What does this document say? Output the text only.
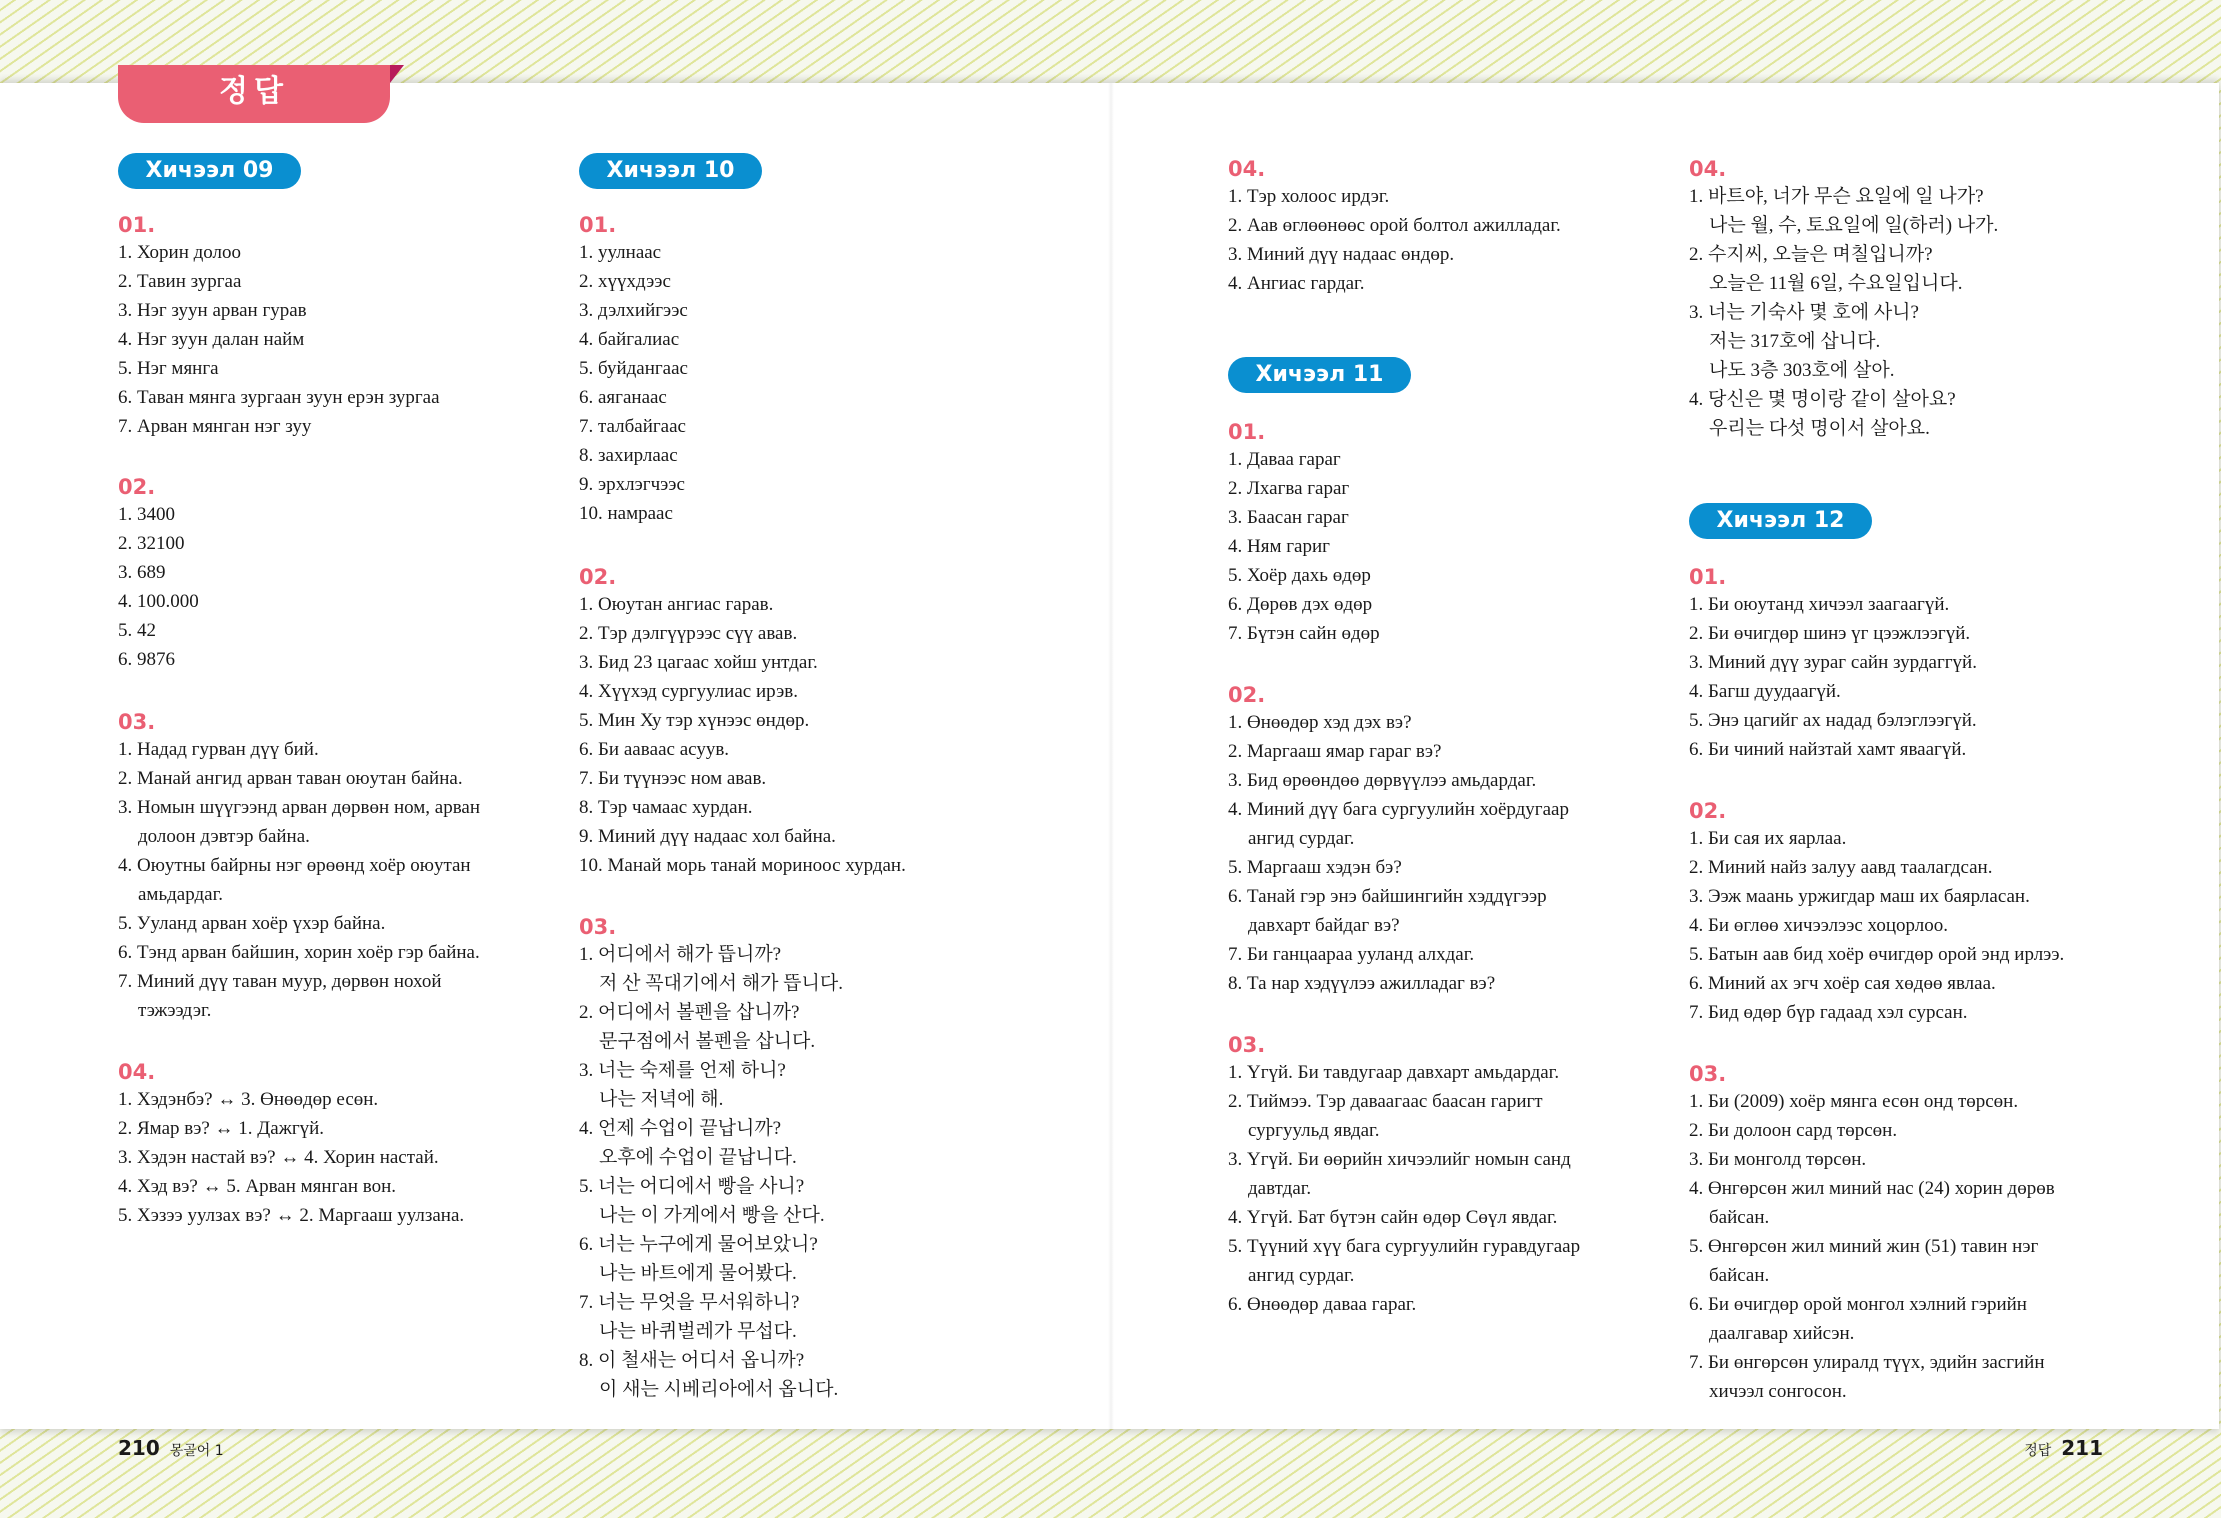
정답
Хичээл 09
01.
1. Хорин долоо
2. Тавин зургаа
3. Нэг зуун арван гурав
4. Нэг зуун далан найм
5. Нэг мянга
6. Таван мянга зургаан зуун ерэн зургаа
7. Арван мянган нэг зуу
02.
1. 3400
2. 32100
3. 689
4. 100.000
5. 42
6. 9876
03.
1. Надад гурван дүү бий.
2. Манай ангид арван таван оюутан байна.
3. Номын шүүгээнд арван дөрвөн ном, арван
долоон дэвтэр байна.
4. Оюутны байрны нэг өрөөнд хоёр оюутан
амьдардаг.
5. Ууланд арван хоёр үхэр байна.
6. Тэнд арван байшин, хорин хоёр гэр байна.
7. Миний дүү таван муур, дөрвөн нохой
тэжээдэг.
04.
1. Хэдэнбэ? ↔ 3. Өнөөдөр есөн.
2. Ямар вэ? ↔ 1. Дажгүй.
3. Хэдэн настай вэ? ↔ 4. Хорин настай.
4. Хэд вэ? ↔ 5. Арван мянган вон.
5. Хэзээ уулзах вэ? ↔ 2. Маргааш уулзана.
Хичээл 10
01.
1. уулнаас
2. хүүхдээс
3. дэлхийгээс
4. байгалиас
5. буйдангаас
6. аяганаас
7. талбайгаас
8. захирлаас
9. эрхлэгчээс
10. намраас
02.
1. Оюутан ангиас гарав.
2. Тэр дэлгүүрээс сүү авав.
3. Бид 23 цагаас хойш унтдаг.
4. Хүүхэд сургуулиас ирэв.
5. Мин Ху тэр хүнээс өндөр.
6. Би аавaас асуув.
7. Би түүнээс ном авав.
8. Тэр чамаас хурдан.
9. Миний дүү надаас хол байна.
10. Манай морь танай мориноос хурдан.
03.
1. 어디에서 해가 뜹니까?
저 산 꼭대기에서 해가 뜹니다.
2. 어디에서 볼펜을 삽니까?
문구점에서 볼펜을 삽니다.
3. 너는 숙제를 언제 하니?
나는 저녁에 해.
4. 언제 수업이 끝납니까?
오후에 수업이 끝납니다.
5. 너는 어디에서 빵을 사니?
나는 이 가게에서 빵을 산다.
6. 너는 누구에게 물어보았니?
나는 바트에게 물어봤다.
7. 너는 무엇을 무서워하니?
나는 바퀴벌레가 무섭다.
8. 이 철새는 어디서 옵니까?
이 새는 시베리아에서 옵니다.
04.
1. Тэр холоос ирдэг.
2. Аав өглөөнөөс орой болтол ажилладаг.
3. Миний дүү надаас өндөр.
4. Ангиас гардаг.
Хичээл 11
01.
1. Даваа гараг
2. Лхагва гараг
3. Баасан гараг
4. Ням гариг
5. Хоёр дахь өдөр
6. Дөрөв дэх өдөр
7. Бүтэн сайн өдөр
02.
1. Өнөөдөр хэд дэх вэ?
2. Маргааш ямар гараг вэ?
3. Бид өрөөндөө дөрвүүлээ амьдардаг.
4. Миний дүү бага сургуулийн хоёрдугаар
ангид сурдаг.
5. Маргааш хэдэн бэ?
6. Танай гэр энэ байшингийн хэддүгээр
давхарт байдаг вэ?
7. Би ганцаараа ууланд алхдаг.
8. Та нар хэдүүлээ ажилладаг вэ?
03.
1. Үгүй. Би тавдугаар давхарт амьдардаг.
2. Тиймээ. Тэр даваагаас баасан гаригт
сургуульд явдаг.
3. Үгүй. Би өөрийн хичээлийг номын санд
давтдаг.
4. Үгүй. Бат бүтэн сайн өдөр Сөүл явдаг.
5. Түүний хүү бага сургуулийн гуравдугаар
ангид сурдаг.
6. Өнөөдөр даваа гараг.
04.
1. 바트야, 너가 무슨 요일에 일 나가?
나는 월, 수, 토요일에 일(하러) 나가.
2. 수지씨, 오늘은 며칠입니까?
오늘은 11월 6일, 수요일입니다.
3. 너는 기숙사 몇 호에 사니?
저는 317호에 삽니다.
나도 3층 303호에 살아.
4. 당신은 몇 명이랑 같이 살아요?
우리는 다섯 명이서 살아요.
Хичээл 12
01.
1. Би оюутанд хичээл заагаагүй.
2. Би өчигдөр шинэ үг цээжлээгүй.
3. Миний дүү зураг сайн зурдаггүй.
4. Багш дуудаагүй.
5. Энэ цагийг ах надад бэлэглээгүй.
6. Би чиний найзтай хамт яваагүй.
02.
1. Би сая их яарлаа.
2. Миний найз залуу аавд таалагдсан.
3. Ээж маань уржигдар маш их баярласан.
4. Би өглөө хичээлээс хоцорлоо.
5. Батын аав бид хоёр өчигдөр орой энд ирлээ.
6. Миний ах эгч хоёр сая хөдөө явлаа.
7. Бид өдөр бүр гадаад хэл сурсан.
03.
1. Би (2009) хоёр мянга есөн онд төрсөн.
2. Би долоон сард төрсөн.
3. Би монголд төрсөн.
4. Өнгөрсөн жил миний нас (24) хорин дөрөв
байсан.
5. Өнгөрсөн жил миний жин (51) тавин нэг
байсан.
6. Би өчигдөр орой монгол хэлний гэрийн
даалгавар хийсэн.
7. Би өнгөрсөн улиралд түүх, эдийн засгийн
хичээл сонгосон.
210 몽골어 1	정답 211
